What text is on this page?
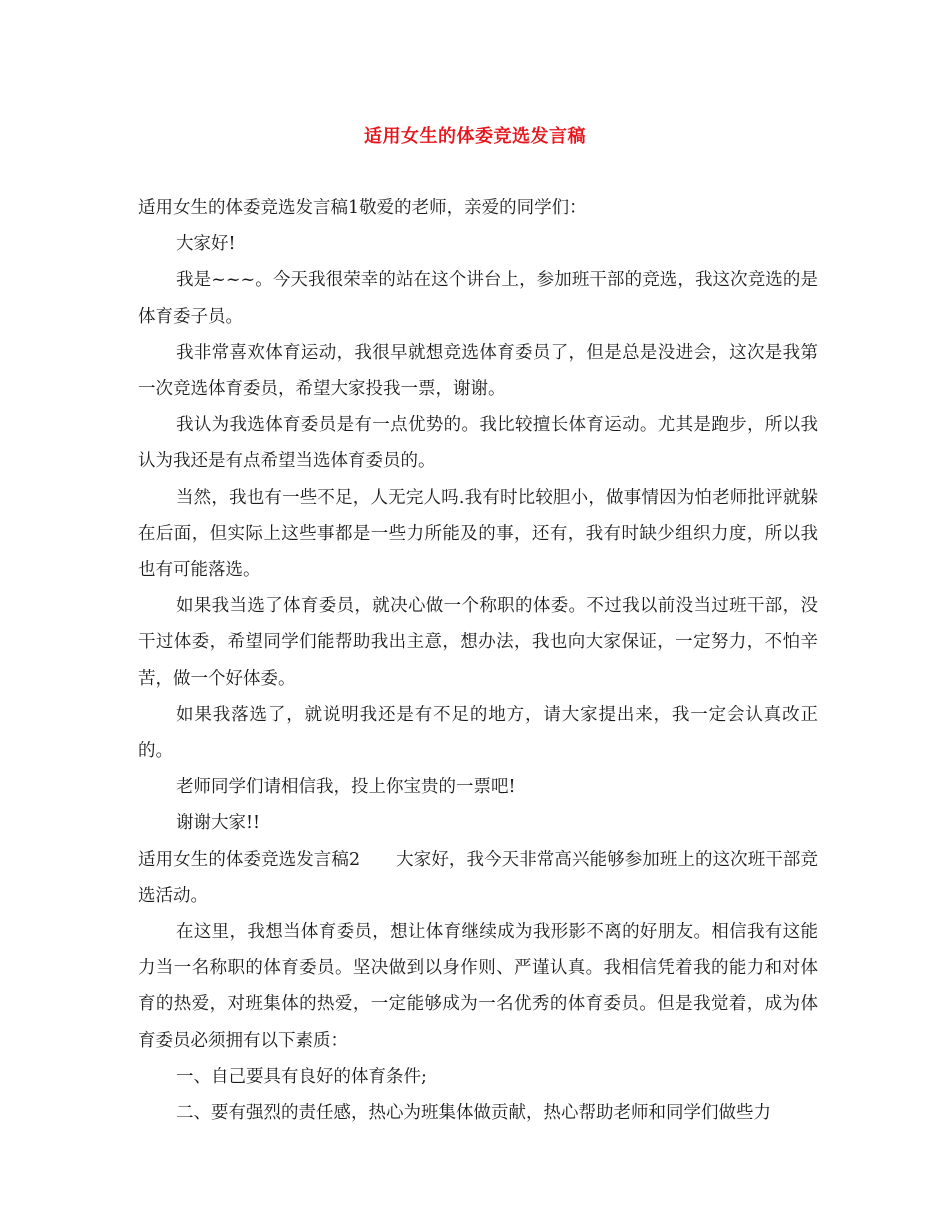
适用女生的体委竞选发言稿

适用女生的体委竞选发言稿1敬爱的老师，亲爱的同学们：

大家好!

我是~~~。今天我很荣幸的站在这个讲台上，参加班干部的竞选，我这次竞选的是体育委子员。

我非常喜欢体育运动，我很早就想竞选体育委员了，但是总是没进会，这次是我第一次竞选体育委员，希望大家投我一票，谢谢。

我认为我选体育委员是有一点优势的。我比较擅长体育运动。尤其是跑步，所以我认为我还是有点希望当选体育委员的。

当然，我也有一些不足，人无完人吗.我有时比较胆小，做事情因为怕老师批评就躲在后面，但实际上这些事都是一些力所能及的事，还有，我有时缺少组织力度，所以我也有可能落选。

如果我当选了体育委员，就决心做一个称职的体委。不过我以前没当过班干部，没干过体委，希望同学们能帮助我出主意，想办法，我也向大家保证，一定努力，不怕辛苦，做一个好体委。

如果我落选了，就说明我还是有不足的地方，请大家提出来，我一定会认真改正的。

老师同学们请相信我，投上你宝贵的一票吧!

谢谢大家!!

适用女生的体委竞选发言稿2 大家好，我今天非常高兴能够参加班上的这次班干部竞选活动。

在这里，我想当体育委员，想让体育继续成为我形影不离的好朋友。相信我有这能力当一名称职的体育委员。坚决做到以身作则、严谨认真。我相信凭着我的能力和对体育的热爱，对班集体的热爱，一定能够成为一名优秀的体育委员。但是我觉着，成为体育委员必须拥有以下素质：

一、自己要具有良好的体育条件;

二、要有强烈的责任感，热心为班集体做贡献，热心帮助老师和同学们做些力
